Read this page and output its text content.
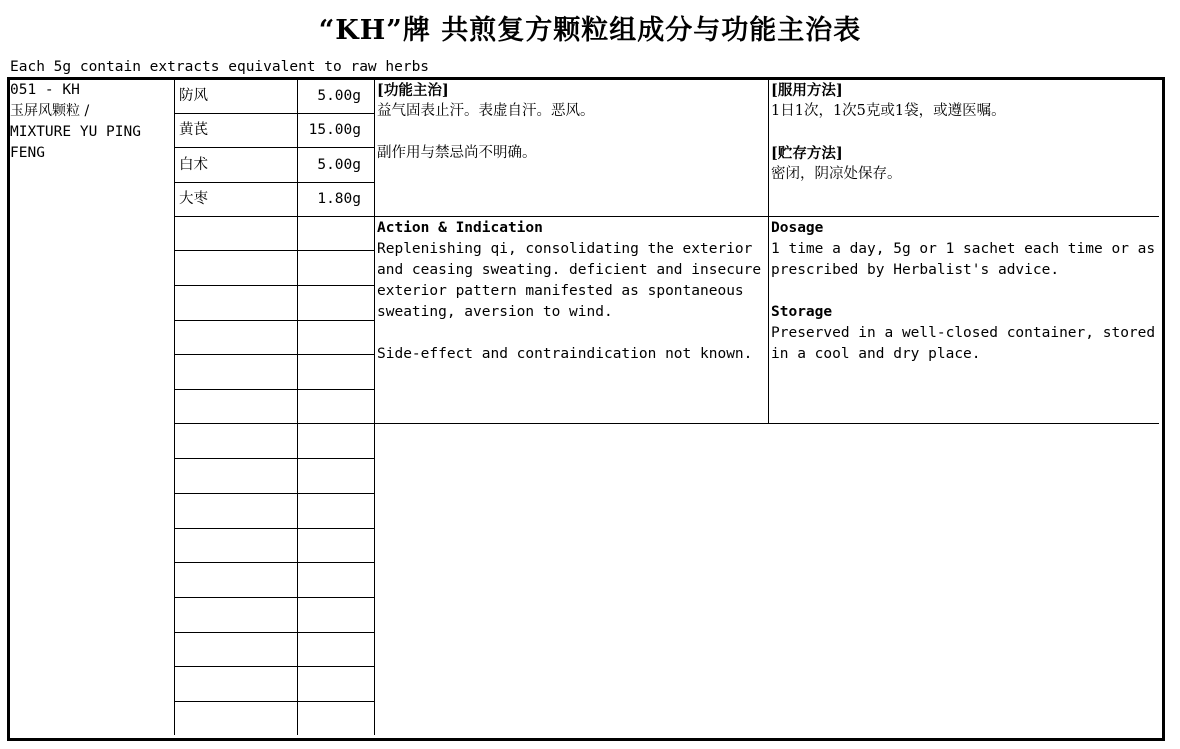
“KH”牌 共煎复方颗粒组成分与功能主治表
Each 5g contain extracts equivalent to raw herbs
051 - KH
玉屏风颗粒 /
MIXTURE YU PING
FENG
防风	5.00g
黄芪	15.00g
白术	5.00g
大枣	1.80g
[功能主治]
益气固表止汗。表虚自汗。恶风。
副作用与禁忌尚不明确。
[服用方法]
1日1次，1次5克或1袋，或遵医嘱。
[贮存方法]
密闭，阴凉处保存。
Action & Indication
Replenishing qi, consolidating the exterior
and ceasing sweating. deficient and insecure
exterior pattern manifested as spontaneous
sweating, aversion to wind.
Side-effect and contraindication not known.
Dosage
1 time a day, 5g or 1 sachet each time or as
prescribed by Herbalist's advice.
Storage
Preserved in a well-closed container, stored
in a cool and dry place.
